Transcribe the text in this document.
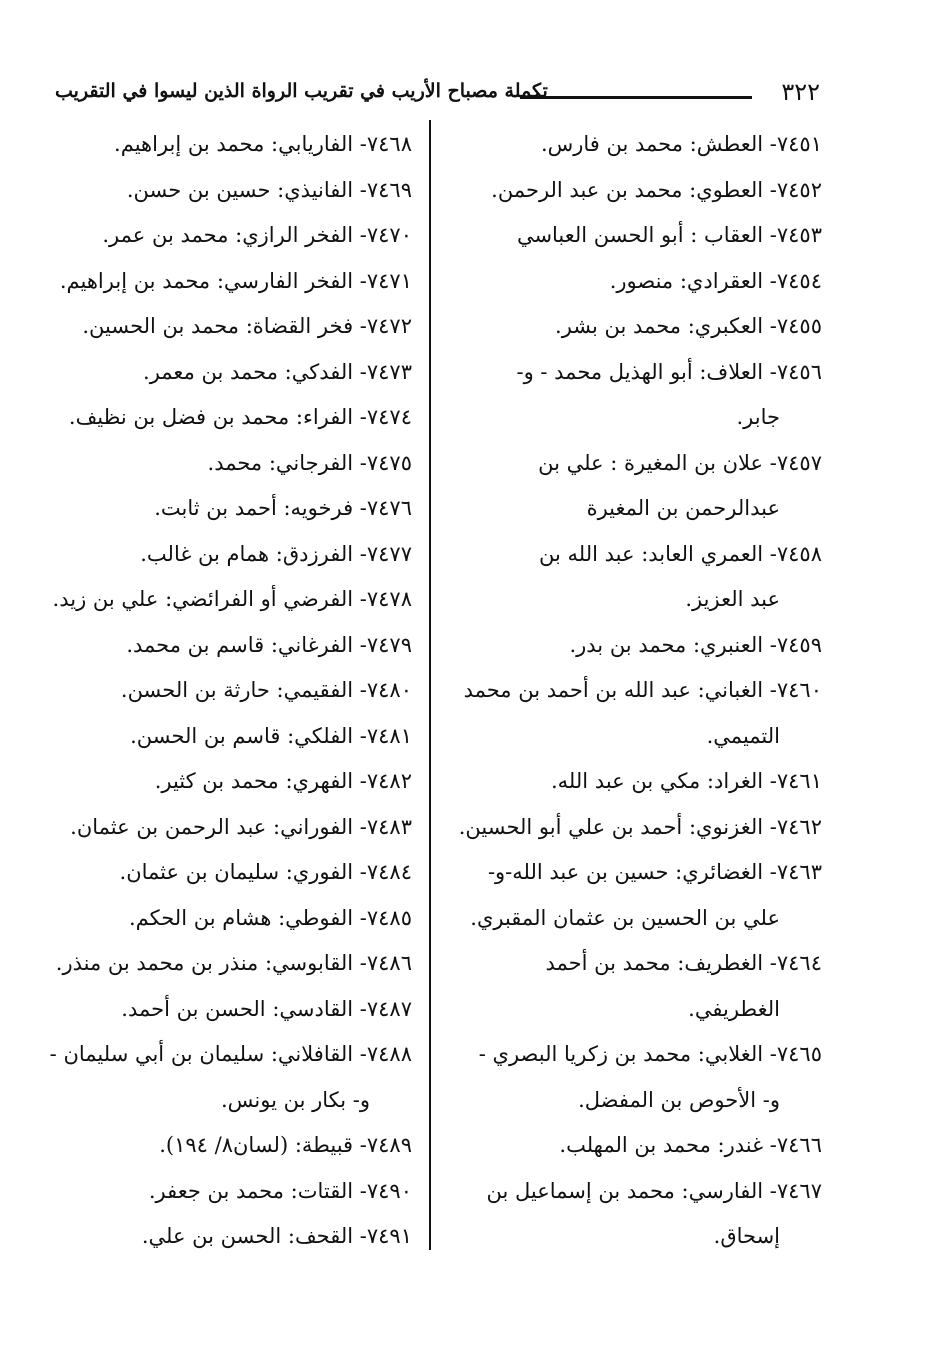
٣٢٢
تكملة مصباح الأريب في تقريب الرواة الذين ليسوا في التقريب
٧٤٥١- العطش: محمد بن فارس.
٧٤٥٢- العطوي: محمد بن عبد الرحمن.
٧٤٥٣- العقاب : أبو الحسن العباسي
٧٤٥٤- العقرادي: منصور.
٧٤٥٥- العكبري: محمد بن بشر.
٧٤٥٦- العلاف: أبو الهذيل محمد - و-
جابر.
٧٤٥٧- علان بن المغيرة : علي بن
عبدالرحمن بن المغيرة
٧٤٥٨- العمري العابد: عبد الله بن
عبد العزيز.
٧٤٥٩- العنبري: محمد بن بدر.
٧٤٦٠- الغباني: عبد الله بن أحمد بن محمد
التميمي.
٧٤٦١- الغراد: مكي بن عبد الله.
٧٤٦٢- الغزنوي: أحمد بن علي أبو الحسين.
٧٤٦٣- الغضائري: حسين بن عبد الله-و-
علي بن الحسين بن عثمان المقبري.
٧٤٦٤- الغطريف: محمد بن أحمد
الغطريفي.
٧٤٦٥- الغلابي: محمد بن زكريا البصري -
و- الأحوص بن المفضل.
٧٤٦٦- غندر: محمد بن المهلب.
٧٤٦٧- الفارسي: محمد بن إسماعيل بن
إسحاق.
٧٤٦٨- الفاريابي: محمد بن إبراهيم.
٧٤٦٩- الفانيذي: حسين بن حسن.
٧٤٧٠- الفخر الرازي: محمد بن عمر.
٧٤٧١- الفخر الفارسي: محمد بن إبراهيم.
٧٤٧٢- فخر القضاة: محمد بن الحسين.
٧٤٧٣- الفدكي: محمد بن معمر.
٧٤٧٤- الفراء: محمد بن فضل بن نظيف.
٧٤٧٥- الفرجاني: محمد.
٧٤٧٦- فرخويه: أحمد بن ثابت.
٧٤٧٧- الفرزدق: همام بن غالب.
٧٤٧٨- الفرضي أو الفرائضي: علي بن زيد.
٧٤٧٩- الفرغاني: قاسم بن محمد.
٧٤٨٠- الفقيمي: حارثة بن الحسن.
٧٤٨١- الفلكي: قاسم بن الحسن.
٧٤٨٢- الفهري: محمد بن كثير.
٧٤٨٣- الفوراني: عبد الرحمن بن عثمان.
٧٤٨٤- الفوري: سليمان بن عثمان.
٧٤٨٥- الفوطي: هشام بن الحكم.
٧٤٨٦- القابوسي: منذر بن محمد بن منذر.
٧٤٨٧- القادسي: الحسن بن أحمد.
٧٤٨٨- القافلاني: سليمان بن أبي سليمان -
و- بكار بن يونس.
٧٤٨٩- قبيطة: (لسان٨/ ١٩٤).
٧٤٩٠- القتات: محمد بن جعفر.
٧٤٩١- القحف: الحسن بن علي.
